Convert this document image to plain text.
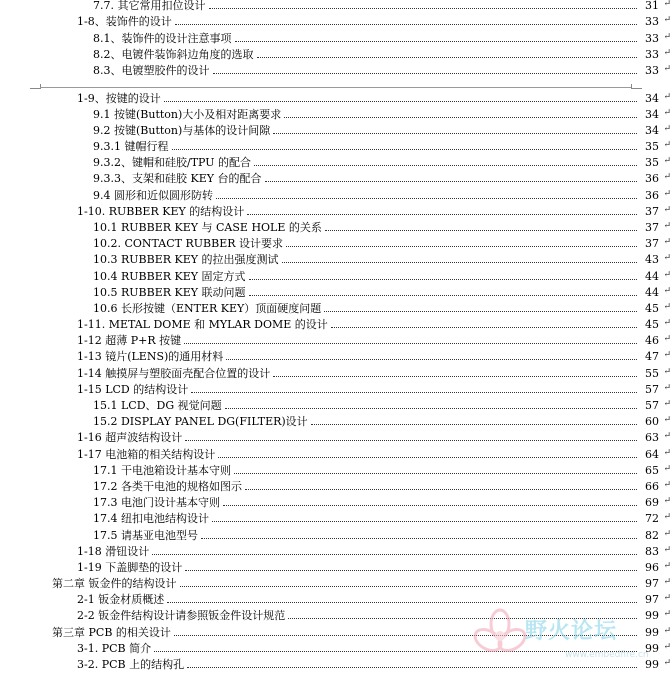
7.7. 其它常用扣位设计	31 ↵
1-8、装饰件的设计	33 ↵
8.1、装饰件的设计注意事项	33 ↵
8.2、电镀件装饰斜边角度的选取	33 ↵
8.3、电镀塑胶件的设计	33 ↵
1-9、按键的设计	34 ↵
9.1 按键(Button)大小及相对距离要求	34 ↵
9.2 按键(Button)与基体的设计间隙	34 ↵
9.3.1 键帽行程	35 ↵
9.3.2、键帽和硅胶/TPU 的配合	35 ↵
9.3.3、支架和硅胶 KEY 台的配合	36 ↵
9.4 圆形和近似圆形防转	36 ↵
1-10. RUBBER KEY 的结构设计	37 ↵
10.1 RUBBER KEY 与 CASE HOLE 的关系	37 ↵
10.2. CONTACT RUBBER 设计要求	37 ↵
10.3 RUBBER KEY 的拉出强度测试	43 ↵
10.4 RUBBER KEY 固定方式	44 ↵
10.5 RUBBER KEY 联动问题	44 ↵
10.6 长形按键（ENTER KEY）顶面硬度问题	45 ↵
1-11. METAL DOME 和 MYLAR DOME 的设计	45 ↵
1-12 超薄 P+R 按键	46 ↵
1-13 镜片(LENS)的通用材料	47 ↵
1-14 触摸屏与塑胶面壳配合位置的设计	55 ↵
1-15 LCD 的结构设计	57 ↵
15.1 LCD、DG 视觉问题	57 ↵
15.2 DISPLAY PANEL DG(FILTER)设计	60 ↵
1-16 超声波结构设计	63 ↵
1-17 电池箱的相关结构设计	64 ↵
17.1 干电池箱设计基本守则	65 ↵
17.2 各类干电池的规格如图示	66 ↵
17.3 电池门设计基本守则	69 ↵
17.4 纽扣电池结构设计	72 ↵
17.5 请基亚电池型号	82 ↵
1-18 滑钮设计	83 ↵
1-19 下盖脚垫的设计	96 ↵
第二章 钣金件的结构设计	97 ↵
2-1 钣金材质概述	97 ↵
2-2 钣金件结构设计请参照钣金件设计规范	99 ↵
第三章 PCB 的相关设计	99 ↵
3-1. PCB 简介	99 ↵
3-2. PCB 上的结构孔	99 ↵
野火论坛
www.embedfire.cn
